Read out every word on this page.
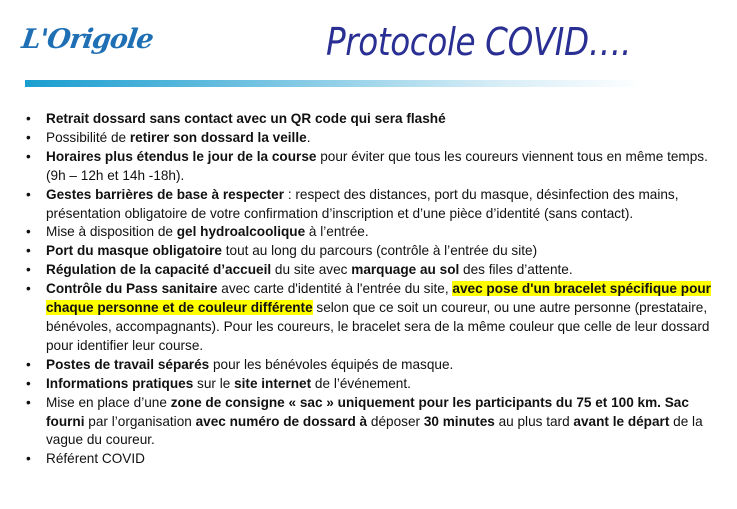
L'Origole	Protocole COVID….
• Retrait dossard sans contact avec un QR code qui sera flashé
• Possibilité de retirer son dossard la veille.
• Horaires plus étendus le jour de la course pour éviter que tous les coureurs viennent tous en même temps. (9h – 12h et 14h -18h).
• Gestes barrières de base à respecter : respect des distances, port du masque, désinfection des mains, présentation obligatoire de votre confirmation d’inscription et d’une pièce d’identité (sans contact).
• Mise à disposition de gel hydroalcoolique à l’entrée.
• Port du masque obligatoire tout au long du parcours (contrôle à l’entrée du site)
• Régulation de la capacité d’accueil du site avec marquage au sol des files d’attente.
• Contrôle du Pass sanitaire avec carte d'identité à l'entrée du site, avec pose d'un bracelet spécifique pour chaque personne et de couleur différente selon que ce soit un coureur, ou une autre personne (prestataire, bénévoles, accompagnants). Pour les coureurs, le bracelet sera de la même couleur que celle de leur dossard pour identifier leur course.
• Postes de travail séparés pour les bénévoles équipés de masque.
• Informations pratiques sur le site internet de l’événement.
• Mise en place d’une zone de consigne « sac » uniquement pour les participants du 75 et 100 km. Sac fourni par l’organisation avec numéro de dossard à déposer 30 minutes au plus tard avant le départ de la vague du coureur.
• Référent COVID
